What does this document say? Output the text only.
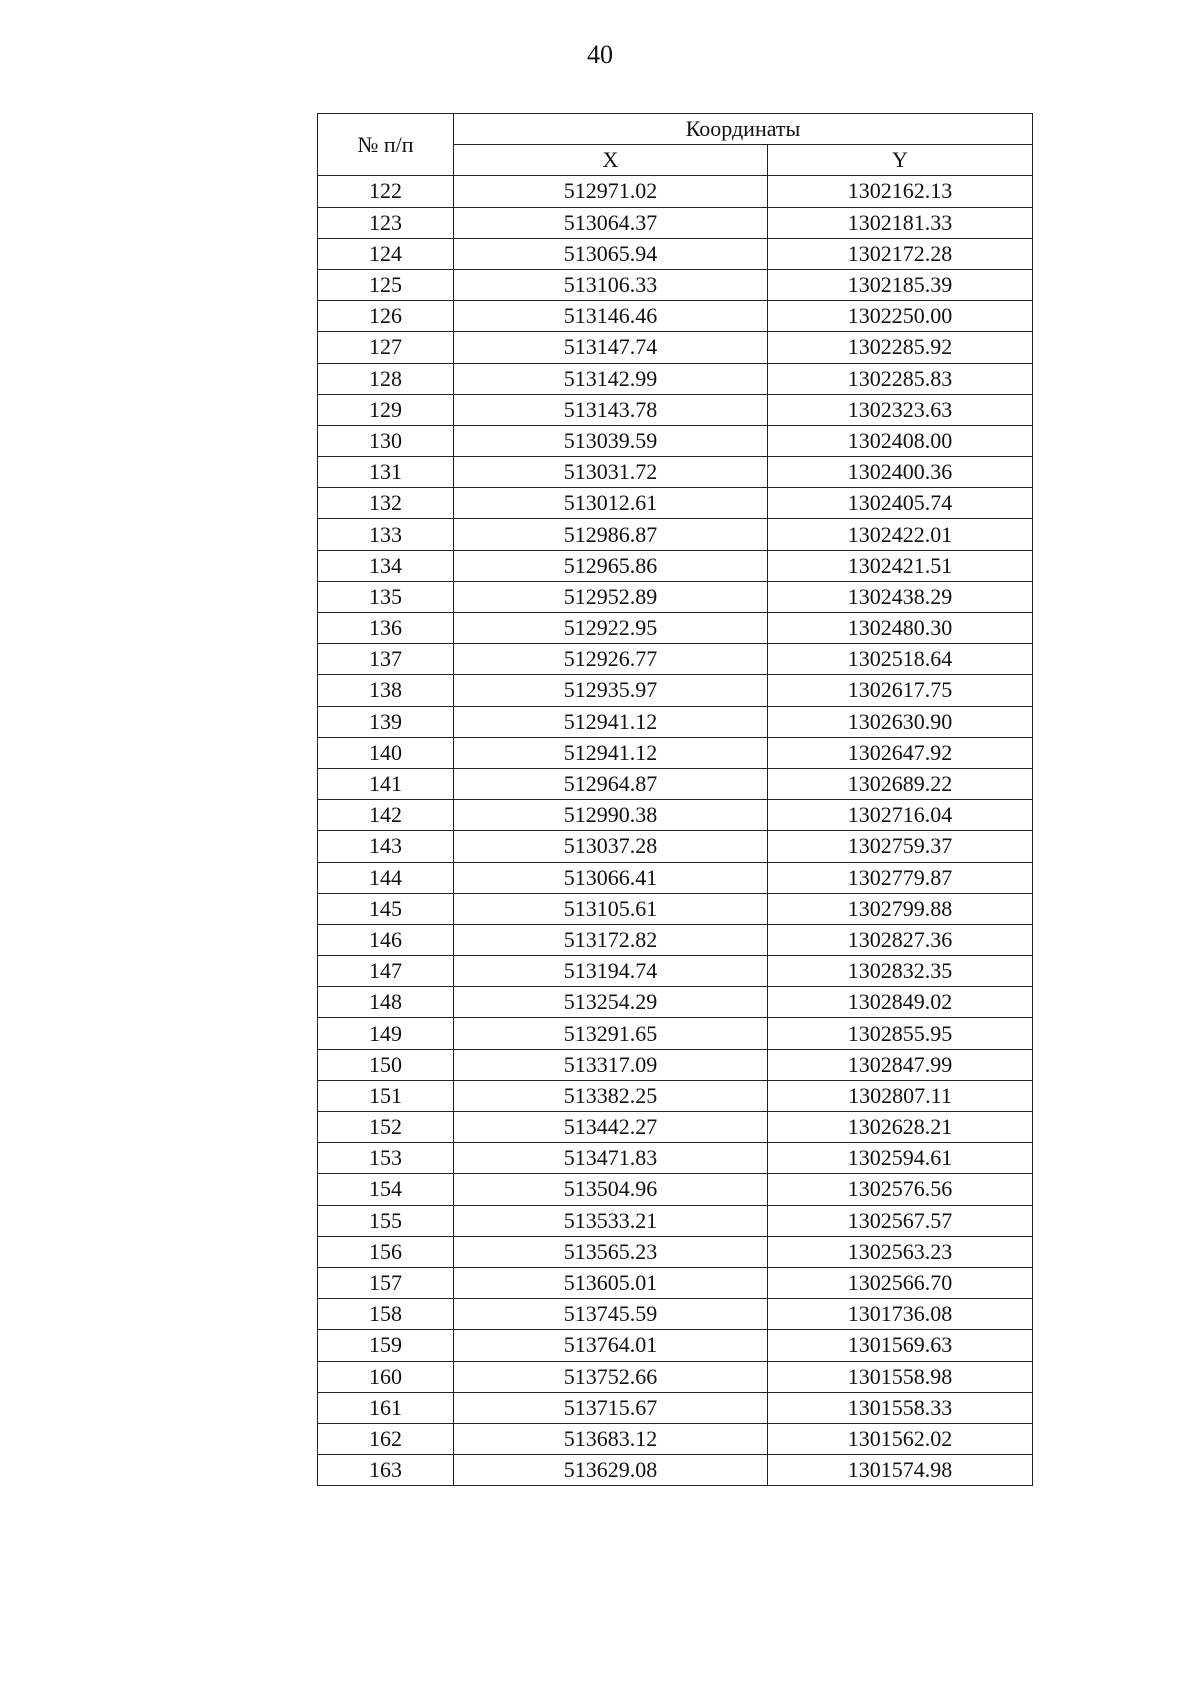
40
№ п/п	Координаты	
	X	Y
122	512971.02	1302162.13
123	513064.37	1302181.33
124	513065.94	1302172.28
125	513106.33	1302185.39
126	513146.46	1302250.00
127	513147.74	1302285.92
128	513142.99	1302285.83
129	513143.78	1302323.63
130	513039.59	1302408.00
131	513031.72	1302400.36
132	513012.61	1302405.74
133	512986.87	1302422.01
134	512965.86	1302421.51
135	512952.89	1302438.29
136	512922.95	1302480.30
137	512926.77	1302518.64
138	512935.97	1302617.75
139	512941.12	1302630.90
140	512941.12	1302647.92
141	512964.87	1302689.22
142	512990.38	1302716.04
143	513037.28	1302759.37
144	513066.41	1302779.87
145	513105.61	1302799.88
146	513172.82	1302827.36
147	513194.74	1302832.35
148	513254.29	1302849.02
149	513291.65	1302855.95
150	513317.09	1302847.99
151	513382.25	1302807.11
152	513442.27	1302628.21
153	513471.83	1302594.61
154	513504.96	1302576.56
155	513533.21	1302567.57
156	513565.23	1302563.23
157	513605.01	1302566.70
158	513745.59	1301736.08
159	513764.01	1301569.63
160	513752.66	1301558.98
161	513715.67	1301558.33
162	513683.12	1301562.02
163	513629.08	1301574.98
